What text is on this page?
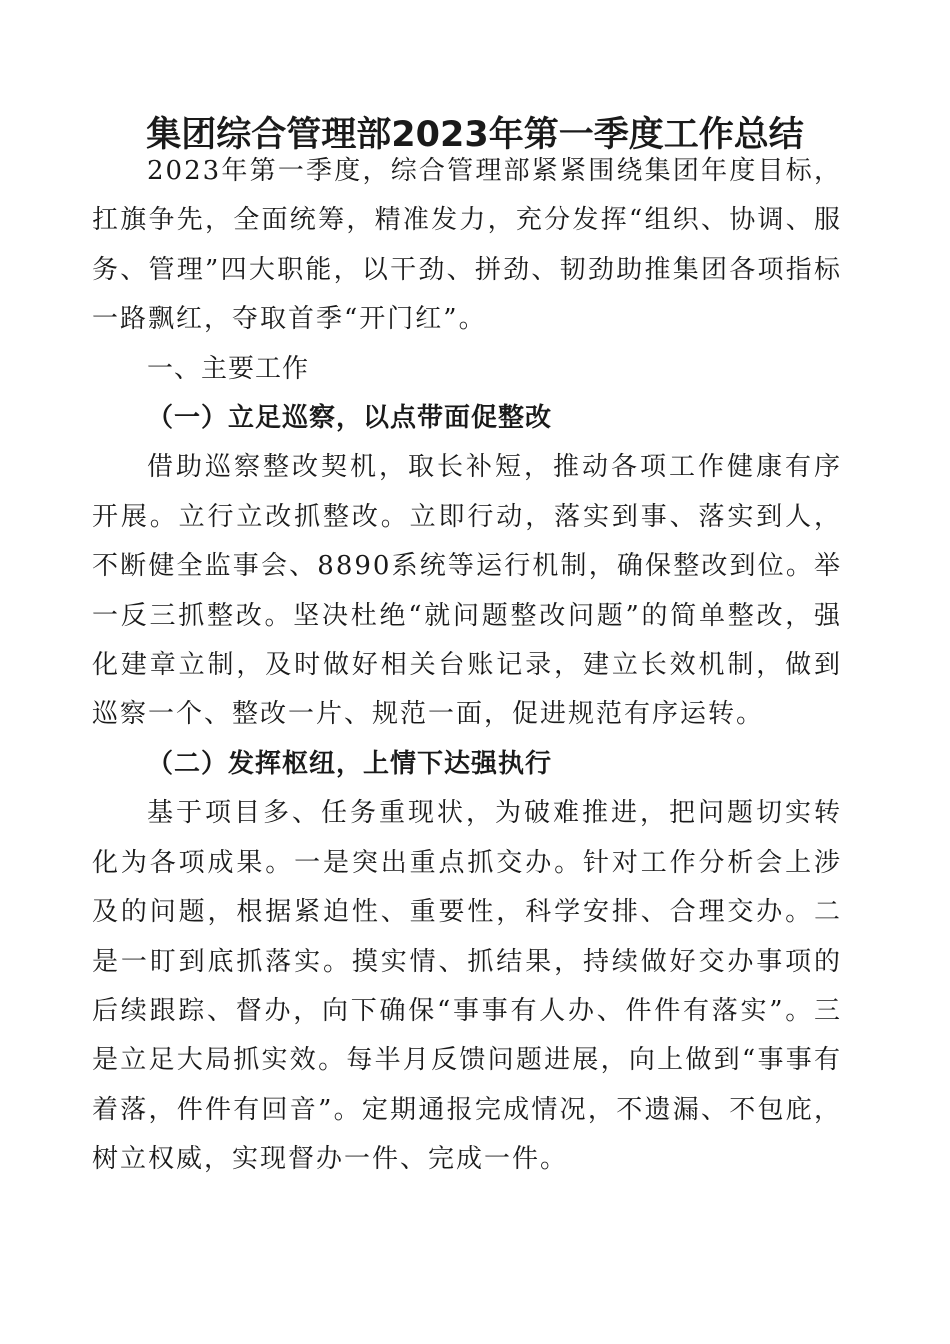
集团综合管理部2023年第一季度工作总结

2023年第一季度，综合管理部紧紧围绕集团年度目标，扛旗争先，全面统筹，精准发力，充分发挥“组织、协调、服务、管理”四大职能，以干劲、拼劲、韧劲助推集团各项指标一路飘红，夺取首季“开门红”。

一、主要工作

（一）立足巡察，以点带面促整改

借助巡察整改契机，取长补短，推动各项工作健康有序开展。立行立改抓整改。立即行动，落实到事、落实到人，不断健全监事会、8890系统等运行机制，确保整改到位。举一反三抓整改。坚决杜绝“就问题整改问题”的简单整改，强化建章立制，及时做好相关台账记录，建立长效机制，做到巡察一个、整改一片、规范一面，促进规范有序运转。

（二）发挥枢纽，上情下达强执行

基于项目多、任务重现状，为破难推进，把问题切实转化为各项成果。一是突出重点抓交办。针对工作分析会上涉及的问题，根据紧迫性、重要性，科学安排、合理交办。二是一盯到底抓落实。摸实情、抓结果，持续做好交办事项的后续跟踪、督办，向下确保“事事有人办、件件有落实”。三是立足大局抓实效。每半月反馈问题进展，向上做到“事事有着落，件件有回音”。定期通报完成情况，不遗漏、不包庇，树立权威，实现督办一件、完成一件。
